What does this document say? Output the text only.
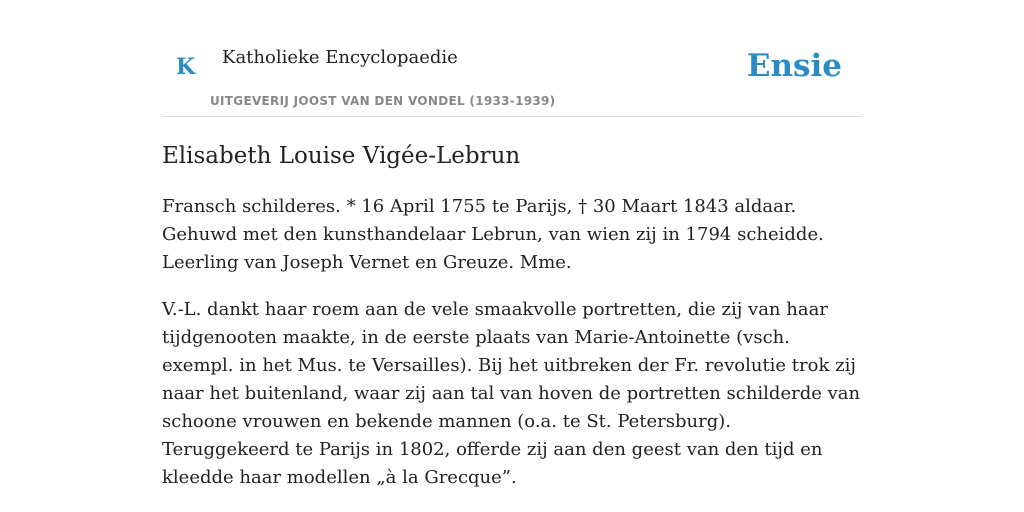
K Katholieke Encyclopaedie
UITGEVERIJ JOOST VAN DEN VONDEL (1933-1939)
Ensie
Elisabeth Louise Vigée-Lebrun

Fransch schilderes. * 16 April 1755 te Parijs, † 30 Maart 1843 aldaar. Gehuwd met den kunsthandelaar Lebrun, van wien zij in 1794 scheidde. Leerling van Joseph Vernet en Greuze. Mme.

V.-L. dankt haar roem aan de vele smaakvolle portretten, die zij van haar tijdgenooten maakte, in de eerste plaats van Marie-Antoinette (vsch. exempl. in het Mus. te Versailles). Bij het uitbreken der Fr. revolutie trok zij naar het buitenland, waar zij aan tal van hoven de portretten schilderde van schoone vrouwen en bekende mannen (o.a. te St. Petersburg). Teruggekeerd te Parijs in 1802, offerde zij aan den geest van den tijd en kleedde haar modellen „à la Grecque”.
